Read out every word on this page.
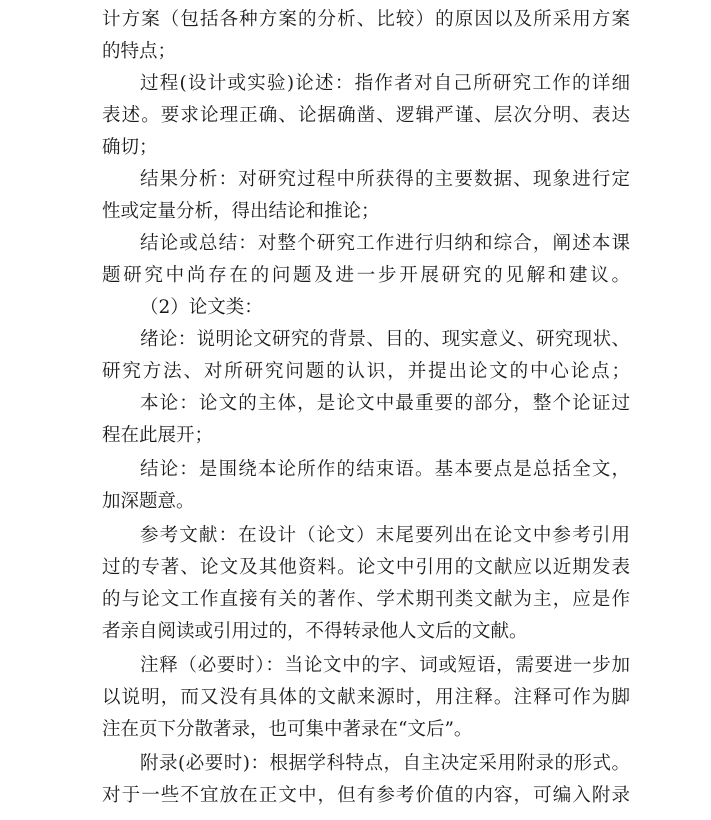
计方案（包括各种方案的分析、比较）的原因以及所采用方案
的特点；
过程(设计或实验)论述：指作者对自己所研究工作的详细
表述。要求论理正确、论据确凿、逻辑严谨、层次分明、表达
确切；
结果分析：对研究过程中所获得的主要数据、现象进行定
性或定量分析，得出结论和推论；
结论或总结：对整个研究工作进行归纳和综合，阐述本课
题研究中尚存在的问题及进一步开展研究的见解和建议。
（2）论文类：
绪论：说明论文研究的背景、目的、现实意义、研究现状、
研究方法、对所研究问题的认识，并提出论文的中心论点；
本论：论文的主体，是论文中最重要的部分，整个论证过
程在此展开；
结论：是围绕本论所作的结束语。基本要点是总括全文，
加深题意。
参考文献：在设计（论文）末尾要列出在论文中参考引用
过的专著、论文及其他资料。论文中引用的文献应以近期发表
的与论文工作直接有关的著作、学术期刊类文献为主，应是作
者亲自阅读或引用过的，不得转录他人文后的文献。
注释（必要时）：当论文中的字、词或短语，需要进一步加
以说明，而又没有具体的文献来源时，用注释。注释可作为脚
注在页下分散著录，也可集中著录在“文后”。
附录(必要时)：根据学科特点，自主决定采用附录的形式。
对于一些不宜放在正文中，但有参考价值的内容，可编入附录
